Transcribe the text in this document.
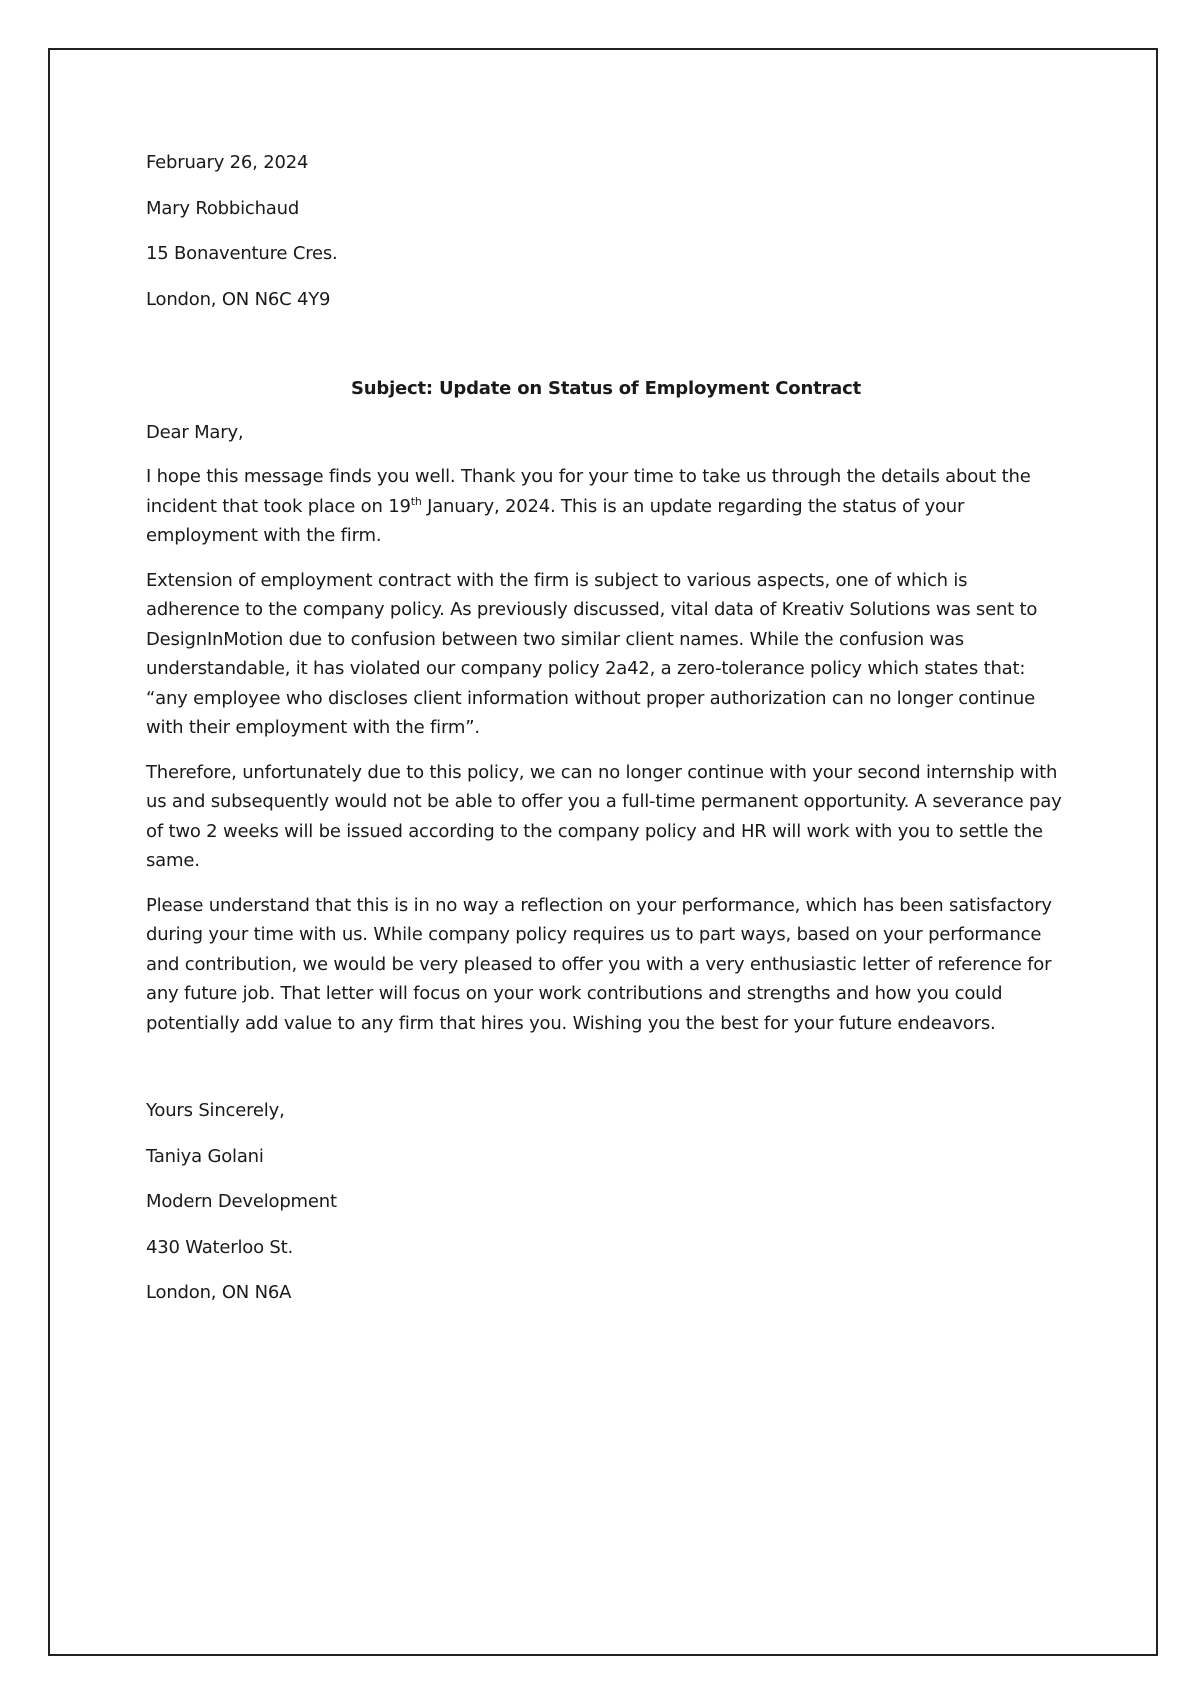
February 26, 2024
Mary Robbichaud
15 Bonaventure Cres.
London, ON N6C 4Y9
Subject: Update on Status of Employment Contract
Dear Mary,
I hope this message finds you well. Thank you for your time to take us through the details about the incident that took place on 19th January, 2024. This is an update regarding the status of your employment with the firm.
Extension of employment contract with the firm is subject to various aspects, one of which is adherence to the company policy. As previously discussed, vital data of Kreativ Solutions was sent to DesignInMotion due to confusion between two similar client names. While the confusion was understandable, it has violated our company policy 2a42, a zero-tolerance policy which states that: “any employee who discloses client information without proper authorization can no longer continue with their employment with the firm”.
Therefore, unfortunately due to this policy, we can no longer continue with your second internship with us and subsequently would not be able to offer you a full-time permanent opportunity. A severance pay of two 2 weeks will be issued according to the company policy and HR will work with you to settle the same.
Please understand that this is in no way a reflection on your performance, which has been satisfactory during your time with us. While company policy requires us to part ways, based on your performance and contribution, we would be very pleased to offer you with a very enthusiastic letter of reference for any future job. That letter will focus on your work contributions and strengths and how you could potentially add value to any firm that hires you. Wishing you the best for your future endeavors.
Yours Sincerely,
Taniya Golani
Modern Development
430 Waterloo St.
London, ON N6A
